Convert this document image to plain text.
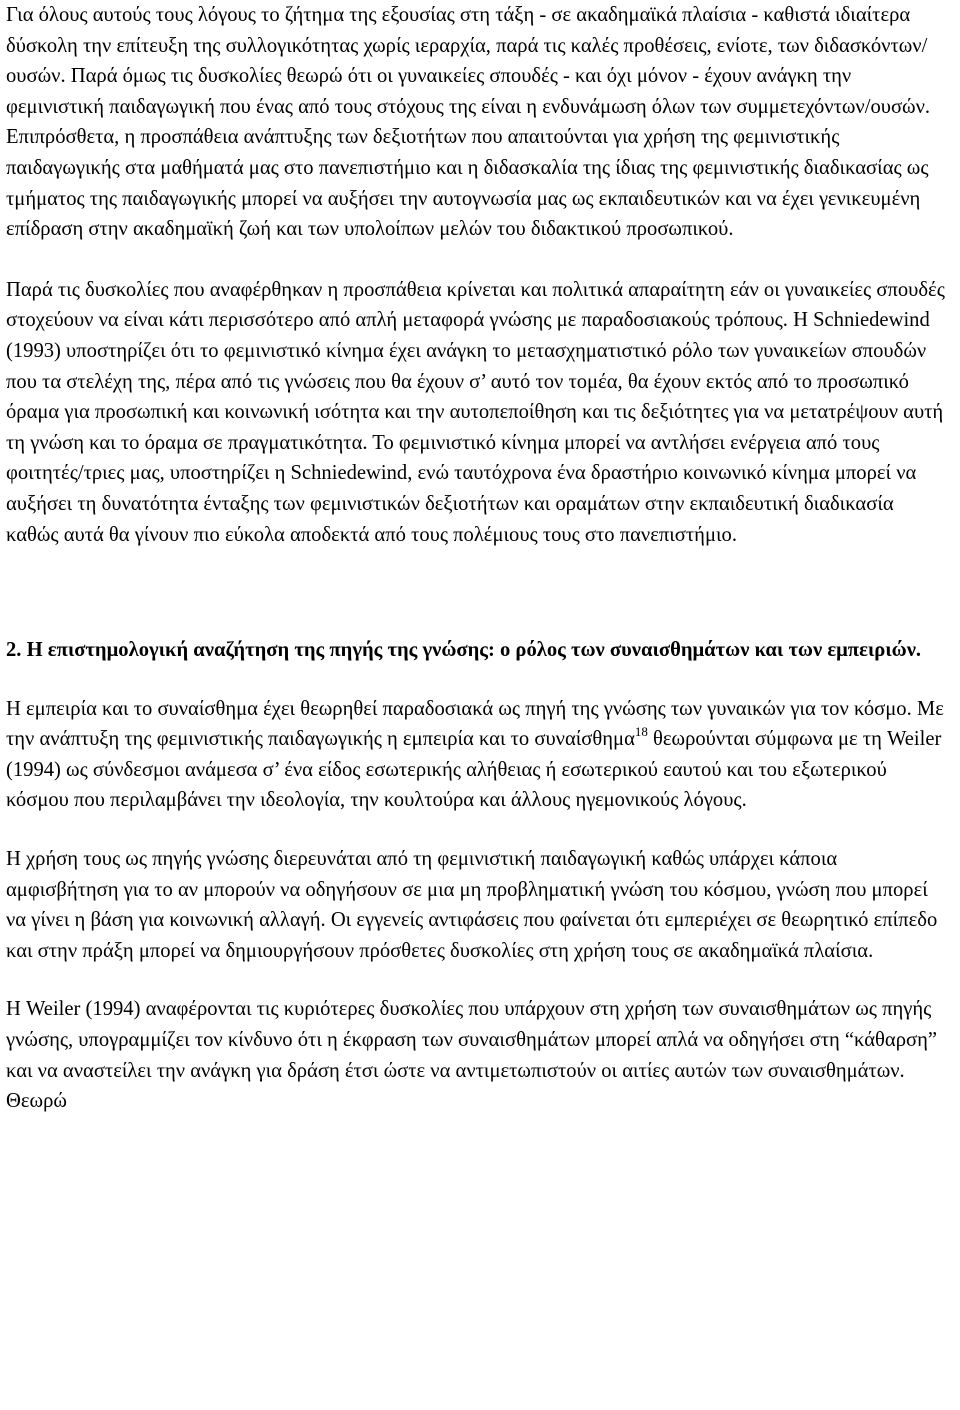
Για όλους αυτούς τους λόγους το ζήτημα της εξουσίας στη τάξη - σε ακαδημαϊκά πλαίσια - καθιστά ιδιαίτερα δύσκολη την επίτευξη της συλλογικότητας χωρίς ιεραρχία, παρά τις καλές προθέσεις, ενίοτε, των διδασκόντων/ουσών. Παρά όμως τις δυσκολίες θεωρώ ότι οι γυναικείες σπουδές - και όχι μόνον - έχουν ανάγκη την φεμινιστική παιδαγωγική που ένας από τους στόχους της είναι η ενδυνάμωση όλων των συμμετεχόντων/ουσών. Επιπρόσθετα, η προσπάθεια ανάπτυξης των δεξιοτήτων που απαιτούνται για χρήση της φεμινιστικής παιδαγωγικής στα μαθήματά μας στο πανεπιστήμιο και η διδασκαλία της ίδιας της φεμινιστικής διαδικασίας ως τμήματος της παιδαγωγικής μπορεί να αυξήσει την αυτογνωσία μας ως εκπαιδευτικών και να έχει γενικευμένη επίδραση στην ακαδημαϊκή ζωή και των υπολοίπων μελών του διδακτικού προσωπικού.

Παρά τις δυσκολίες που αναφέρθηκαν η προσπάθεια κρίνεται και πολιτικά απαραίτητη εάν οι γυναικείες σπουδές στοχεύουν να είναι κάτι περισσότερο από απλή μεταφορά γνώσης με παραδοσιακούς τρόπους. Η Schniedewind (1993) υποστηρίζει ότι το φεμινιστικό κίνημα έχει ανάγκη το μετασχηματιστικό ρόλο των γυναικείων σπουδών που τα στελέχη της, πέρα από τις γνώσεις που θα έχουν σ’ αυτό τον τομέα, θα έχουν εκτός από το προσωπικό όραμα για προσωπική και κοινωνική ισότητα και την αυτοπεποίθηση και τις δεξιότητες για να μετατρέψουν αυτή τη γνώση και το όραμα σε πραγματικότητα. Το φεμινιστικό κίνημα μπορεί να αντλήσει ενέργεια από τους φοιτητές/τριες μας, υποστηρίζει η Schniedewind, ενώ ταυτόχρονα ένα δραστήριο κοινωνικό κίνημα μπορεί να αυξήσει τη δυνατότητα ένταξης των φεμινιστικών δεξιοτήτων και οραμάτων στην εκπαιδευτική διαδικασία καθώς αυτά θα γίνουν πιο εύκολα αποδεκτά από τους πολέμιους τους στο πανεπιστήμιο.

2. Η επιστημολογική αναζήτηση της πηγής της γνώσης: ο ρόλος των συναισθημάτων και των εμπειριών.

Η εμπειρία και το συναίσθημα έχει θεωρηθεί παραδοσιακά ως πηγή της γνώσης των γυναικών για τον κόσμο. Με την ανάπτυξη της φεμινιστικής παιδαγωγικής η εμπειρία και το συναίσθημα$^{18}$ θεωρούνται σύμφωνα με τη Weiler (1994) ως σύνδεσμοι ανάμεσα σ’ ένα είδος εσωτερικής αλήθειας ή εσωτερικού εαυτού και του εξωτερικού κόσμου που περιλαμβάνει την ιδεολογία, την κουλτούρα και άλλους ηγεμονικούς λόγους.

Η χρήση τους ως πηγής γνώσης διερευνάται από τη φεμινιστική παιδαγωγική καθώς υπάρχει κάποια αμφισβήτηση για το αν μπορούν να οδηγήσουν σε μια μη προβληματική γνώση του κόσμου, γνώση που μπορεί να γίνει η βάση για κοινωνική αλλαγή. Οι εγγενείς αντιφάσεις που φαίνεται ότι εμπεριέχει σε θεωρητικό επίπεδο και στην πράξη μπορεί να δημιουργήσουν πρόσθετες δυσκολίες στη χρήση τους σε ακαδημαϊκά πλαίσια.

Η Weiler (1994) αναφέρονται τις κυριότερες δυσκολίες που υπάρχουν στη χρήση των συναισθημάτων ως πηγής γνώσης, υπογραμμίζει τον κίνδυνο ότι η έκφραση των συναισθημάτων μπορεί απλά να οδηγήσει στη “κάθαρση” και να αναστείλει την ανάγκη για δράση έτσι ώστε να αντιμετωπιστούν οι αιτίες αυτών των συναισθημάτων. Θεωρώ
